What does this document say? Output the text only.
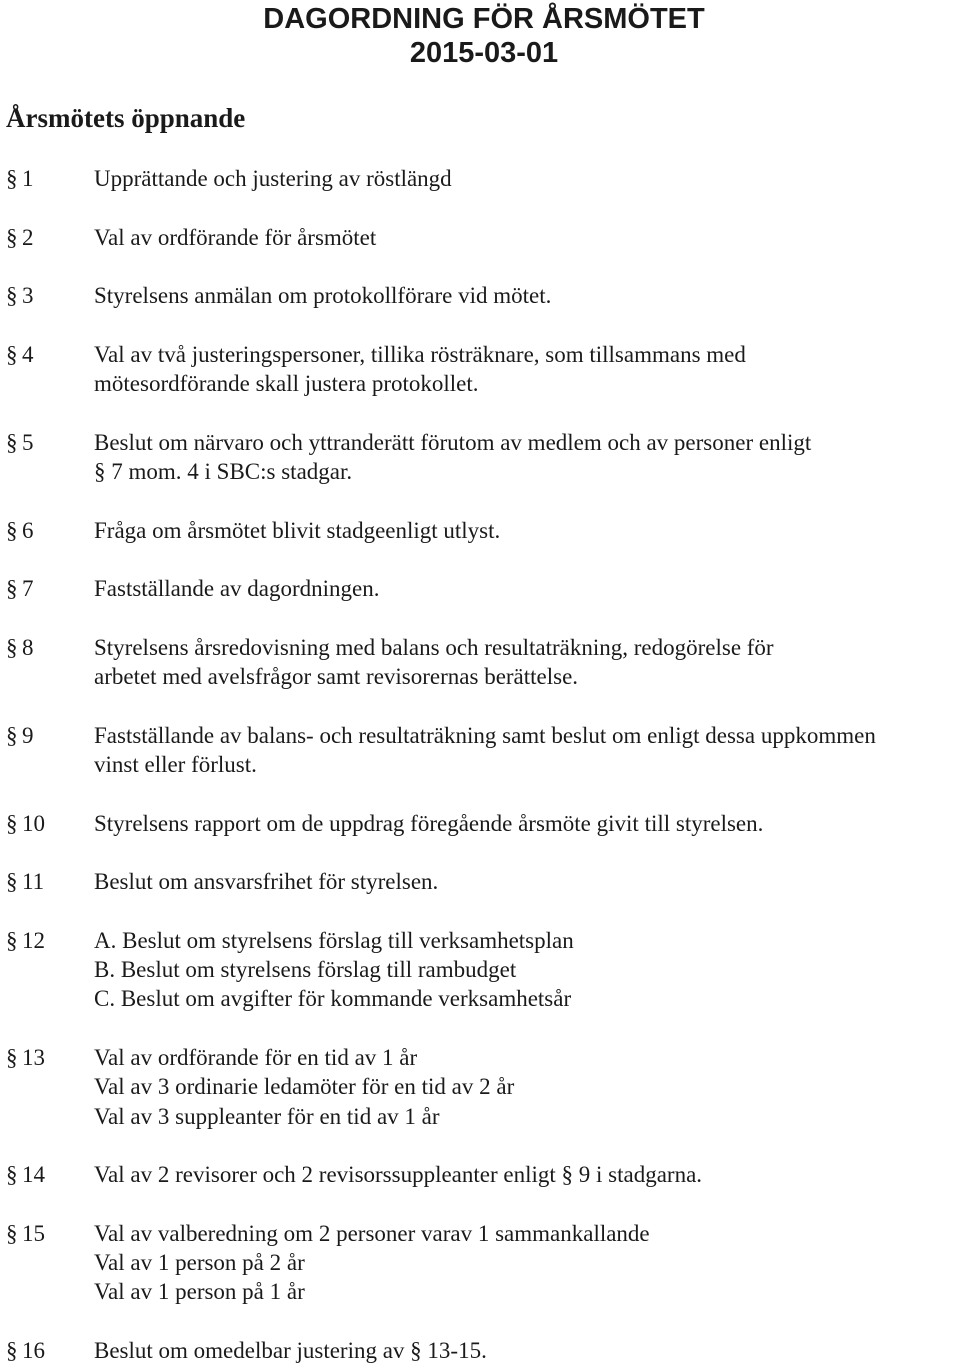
DAGORDNING FÖR ÅRSMÖTET
2015-03-01
Årsmötets öppnande
§ 1	Upprättande och justering av röstlängd
§ 2	Val av ordförande för årsmötet
§ 3	Styrelsens anmälan om protokollförare vid mötet.
§ 4	Val av två justeringspersoner, tillika rösträknare, som tillsammans med
mötesordförande skall justera protokollet.
§ 5	Beslut om närvaro och yttranderätt förutom av medlem och av personer enligt
§ 7 mom. 4 i SBC:s stadgar.
§ 6	Fråga om årsmötet blivit stadgeenligt utlyst.
§ 7	Fastställande av dagordningen.
§ 8	Styrelsens årsredovisning med balans och resultaträkning, redogörelse för
arbetet med avelsfrågor samt revisorernas berättelse.
§ 9	Fastställande av balans- och resultaträkning samt beslut om enligt dessa uppkommen
vinst eller förlust.
§ 10 Styrelsens rapport om de uppdrag föregående årsmöte givit till styrelsen.
§ 11 Beslut om ansvarsfrihet för styrelsen.
§ 12 A. Beslut om styrelsens förslag till verksamhetsplan
B. Beslut om styrelsens förslag till rambudget
C. Beslut om avgifter för kommande verksamhetsår
§ 13 Val av ordförande för en tid av 1 år
Val av 3 ordinarie ledamöter för en tid av 2 år
Val av 3 suppleanter för en tid av 1 år
§ 14 Val av 2 revisorer och 2 revisorssuppleanter enligt § 9 i stadgarna.
§ 15 Val av valberedning om 2 personer varav 1 sammankallande
Val av 1 person på 2 år
Val av 1 person på 1 år
§ 16 Beslut om omedelbar justering av § 13-15.
